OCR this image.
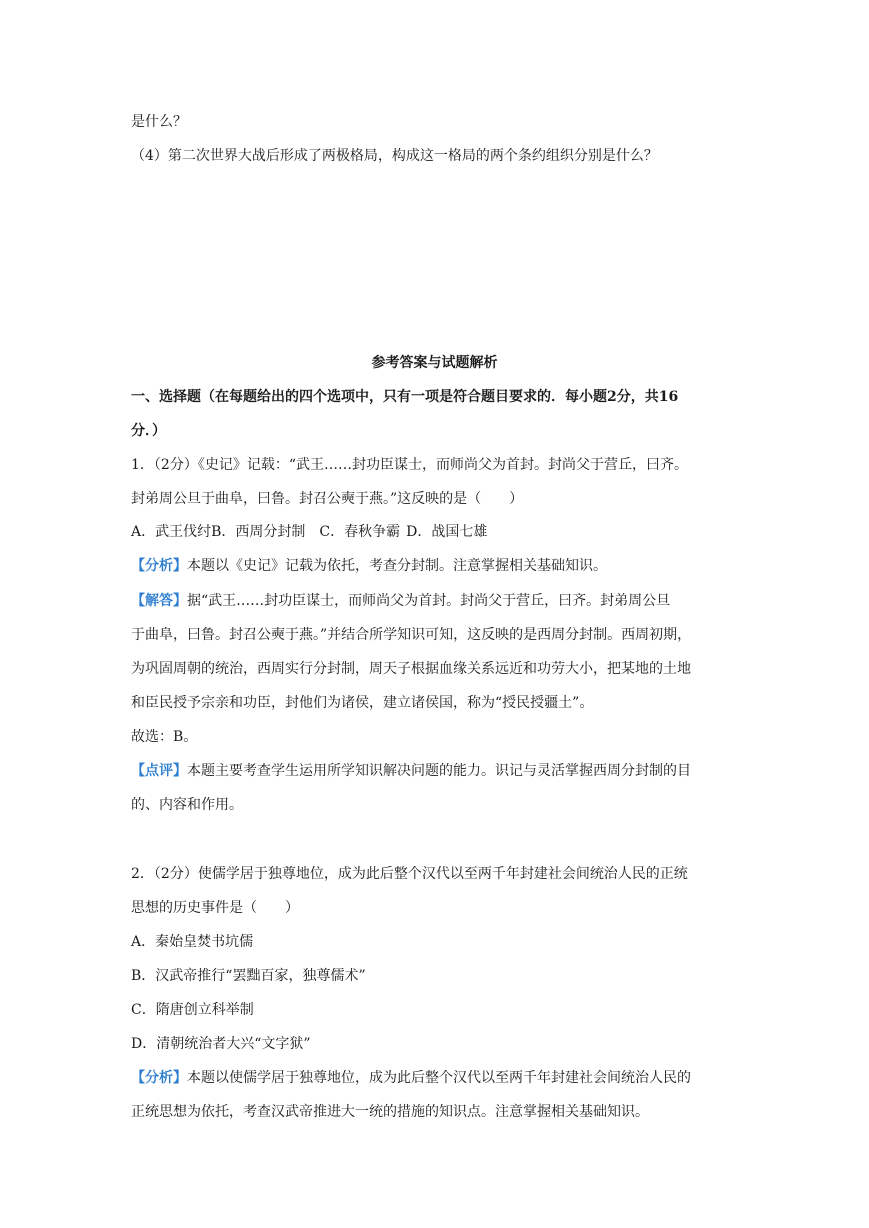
是什么？
（4）第二次世界大战后形成了两极格局，构成这一格局的两个条约组织分别是什么？
参考答案与试题解析
一、选择题（在每题给出的四个选项中，只有一项是符合题目要求的．每小题2分，共16
分．）
1．（2分）《史记》记载：“武王……封功臣谋士，而师尚父为首封。封尚父于营丘，曰齐。
封弟周公旦于曲阜，曰鲁。封召公奭于燕。”这反映的是（　　）
A．武王伐纣B．西周分封制 C．春秋争霸 D．战国七雄
【分析】本题以《史记》记载为依托，考查分封制。注意掌握相关基础知识。
【解答】据“武王……封功臣谋士，而师尚父为首封。封尚父于营丘，曰齐。封弟周公旦
于曲阜，曰鲁。封召公奭于燕。”并结合所学知识可知，这反映的是西周分封制。西周初期，
为巩固周朝的统治，西周实行分封制，周天子根据血缘关系远近和功劳大小，把某地的土地
和臣民授予宗亲和功臣，封他们为诸侯，建立诸侯国，称为“授民授疆土”。
故选：B。
【点评】本题主要考查学生运用所学知识解决问题的能力。识记与灵活掌握西周分封制的目
的、内容和作用。
2．（2分）使儒学居于独尊地位，成为此后整个汉代以至两千年封建社会间统治人民的正统
思想的历史事件是（　　）
A．秦始皇焚书坑儒
B．汉武帝推行“罢黜百家，独尊儒术”
C．隋唐创立科举制
D．清朝统治者大兴“文字狱”
【分析】本题以使儒学居于独尊地位，成为此后整个汉代以至两千年封建社会间统治人民的
正统思想为依托，考查汉武帝推进大一统的措施的知识点。注意掌握相关基础知识。
